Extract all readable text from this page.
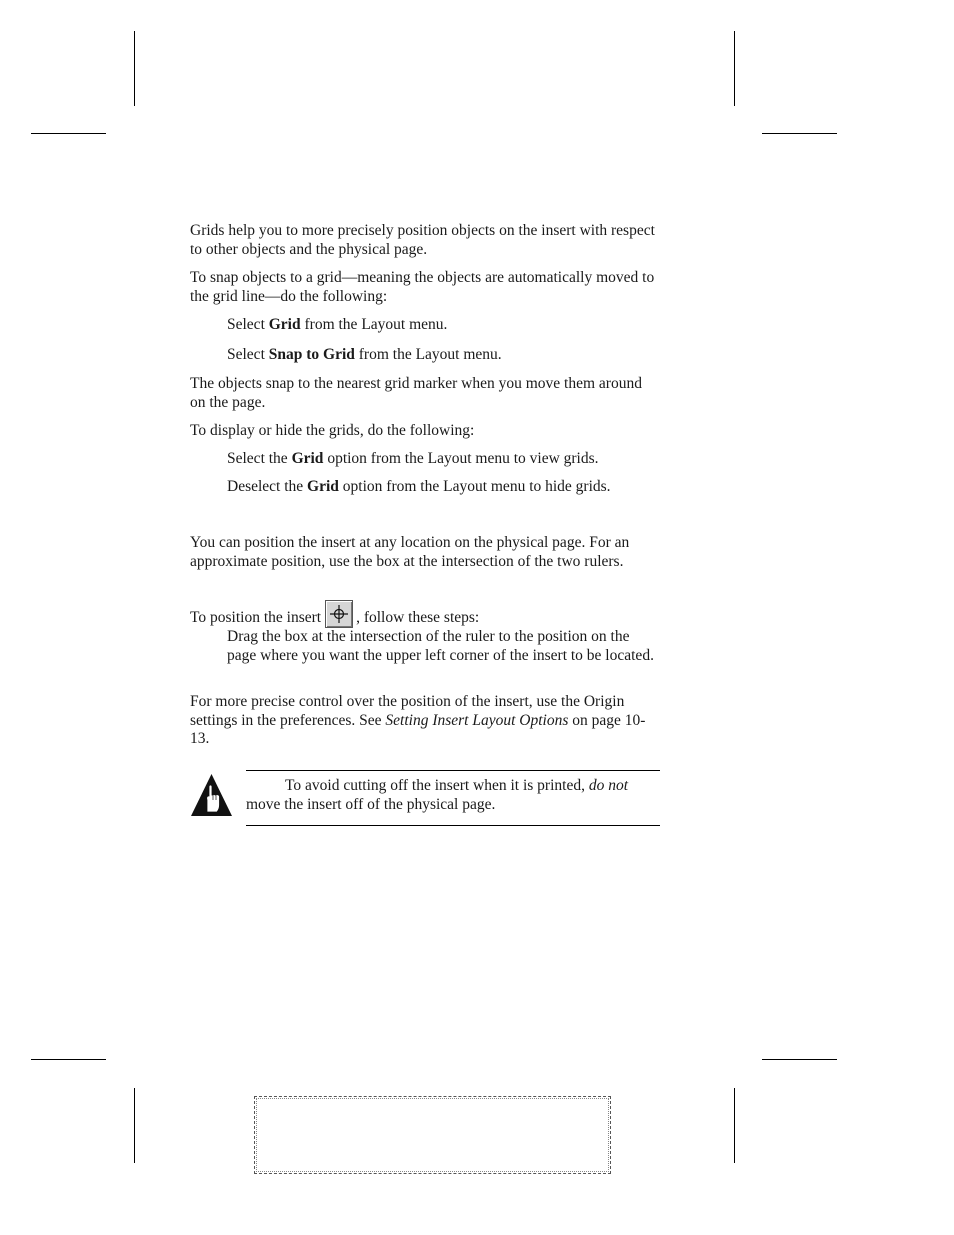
Grids help you to more precisely position objects on the insert with respect to other objects and the physical page.

To snap objects to a grid—meaning the objects are automatically moved to the grid line—do the following:

Select Grid from the Layout menu.

Select Snap to Grid from the Layout menu.

The objects snap to the nearest grid marker when you move them around on the page.

To display or hide the grids, do the following:

Select the Grid option from the Layout menu to view grids.

Deselect the Grid option from the Layout menu to hide grids.

You can position the insert at any location on the physical page. For an approximate position, use the box at the intersection of the two rulers.

To position the insert , follow these steps:

Drag the box at the intersection of the ruler to the position on the page where you want the upper left corner of the insert to be located.

For more precise control over the position of the insert, use the Origin settings in the preferences. See Setting Insert Layout Options on page 10-13.

To avoid cutting off the insert when it is printed, do not move the insert off of the physical page.
